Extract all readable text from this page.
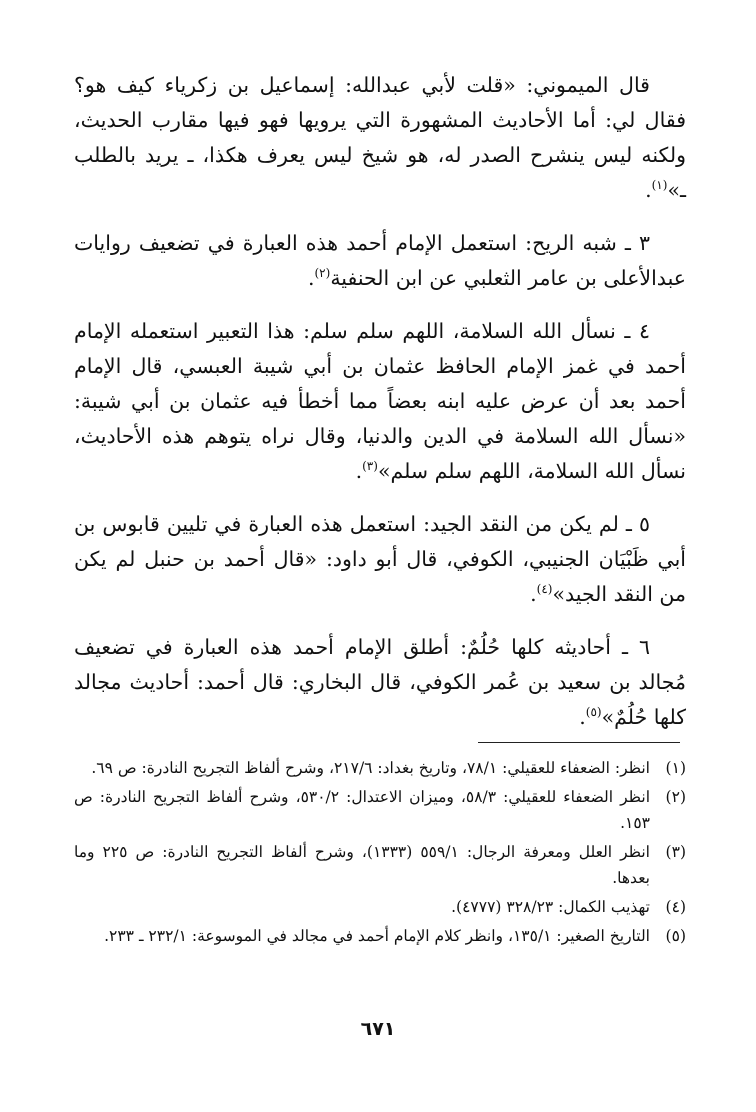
قال الميموني: «قلت لأبي عبدالله: إسماعيل بن زكرياء كيف هو؟ فقال لي: أما الأحاديث المشهورة التي يرويها فهو فيها مقارب الحديث، ولكنه ليس ينشرح الصدر له، هو شيخ ليس يعرف هكذا، ـ يريد بالطلب ـ»$^{(١)}$.

٣ ـ شبه الريح: استعمل الإمام أحمد هذه العبارة في تضعيف روايات عبدالأعلى بن عامر الثعلبي عن ابن الحنفية$^{(٢)}$.

٤ ـ نسأل الله السلامة، اللهم سلم سلم: هذا التعبير استعمله الإمام أحمد في غمز الإمام الحافظ عثمان بن أبي شيبة العبسي، قال الإمام أحمد بعد أن عرض عليه ابنه بعضاً مما أخطأ فيه عثمان بن أبي شيبة: «نسأل الله السلامة في الدين والدنيا، وقال نراه يتوهم هذه الأحاديث، نسأل الله السلامة، اللهم سلم سلم»$^{(٣)}$.

٥ ـ لم يكن من النقد الجيد: استعمل هذه العبارة في تليين قابوس بن أبي ظَبْيَان الجنيبي، الكوفي، قال أبو داود: «قال أحمد بن حنبل لم يكن من النقد الجيد»$^{(٤)}$.

٦ ـ أحاديثه كلها حُلُمٌ: أطلق الإمام أحمد هذه العبارة في تضعيف مُجالد بن سعيد بن عُمر الكوفي، قال البخاري: قال أحمد: أحاديث مجالد كلها حُلُمٌ»$^{(٥)}$.

(١)
انظر: الضعفاء للعقيلي: ٧٨/١، وتاريخ بغداد: ٢١٧/٦، وشرح ألفاظ التجريح النادرة: ص ٦٩.
(٢)
انظر الضعفاء للعقيلي: ٥٨/٣، وميزان الاعتدال: ٥٣٠/٢، وشرح ألفاظ التجريح النادرة: ص ١٥٣.
(٣)
انظر العلل ومعرفة الرجال: ٥٥٩/١ (١٣٣٣)، وشرح ألفاظ التجريح النادرة: ص ٢٢٥ وما بعدها.
(٤)
تهذيب الكمال: ٣٢٨/٢٣ (٤٧٧٧).
(٥)
التاريخ الصغير: ١٣٥/١، وانظر كلام الإمام أحمد في مجالد في الموسوعة: ٢٣٢/١ ـ ٢٣٣.
٦٧١
